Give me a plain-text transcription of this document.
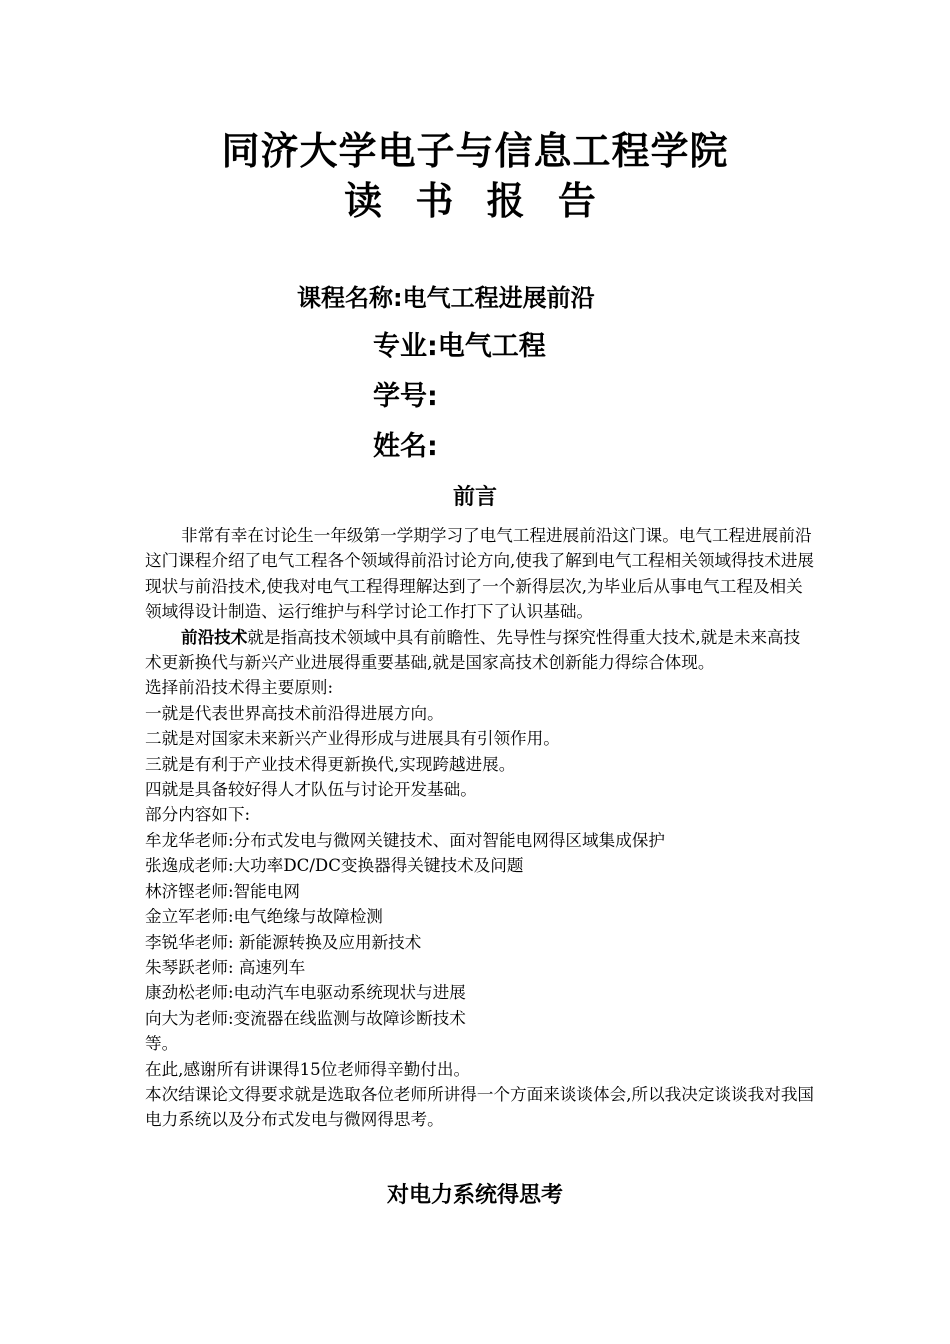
同济大学电子与信息工程学院
读 书 报 告
课程名称:电气工程进展前沿
专业:电气工程
学号:
姓名:
前言

非常有幸在讨论生一年级第一学期学习了电气工程进展前沿这门课。电气工程进展前沿这门课程介绍了电气工程各个领域得前沿讨论方向,使我了解到电气工程相关领域得技术进展现状与前沿技术,使我对电气工程得理解达到了一个新得层次,为毕业后从事电气工程及相关领域得设计制造、运行维护与科学讨论工作打下了认识基础。

前沿技术就是指高技术领域中具有前瞻性、先导性与探究性得重大技术,就是未来高技术更新换代与新兴产业进展得重要基础,就是国家高技术创新能力得综合体现。

选择前沿技术得主要原则:

一就是代表世界高技术前沿得进展方向。

二就是对国家未来新兴产业得形成与进展具有引领作用。

三就是有利于产业技术得更新换代,实现跨越进展。

四就是具备较好得人才队伍与讨论开发基础。

部分内容如下:

牟龙华老师:分布式发电与微网关键技术、面对智能电网得区域集成保护

张逸成老师:大功率DC/DC变换器得关键技术及问题

林济铿老师:智能电网

金立军老师:电气绝缘与故障检测

李锐华老师: 新能源转换及应用新技术

朱琴跃老师: 高速列车

康劲松老师:电动汽车电驱动系统现状与进展

向大为老师:变流器在线监测与故障诊断技术

等。

在此,感谢所有讲课得15位老师得辛勤付出。

本次结课论文得要求就是选取各位老师所讲得一个方面来谈谈体会,所以我决定谈谈我对我国电力系统以及分布式发电与微网得思考。

对电力系统得思考
